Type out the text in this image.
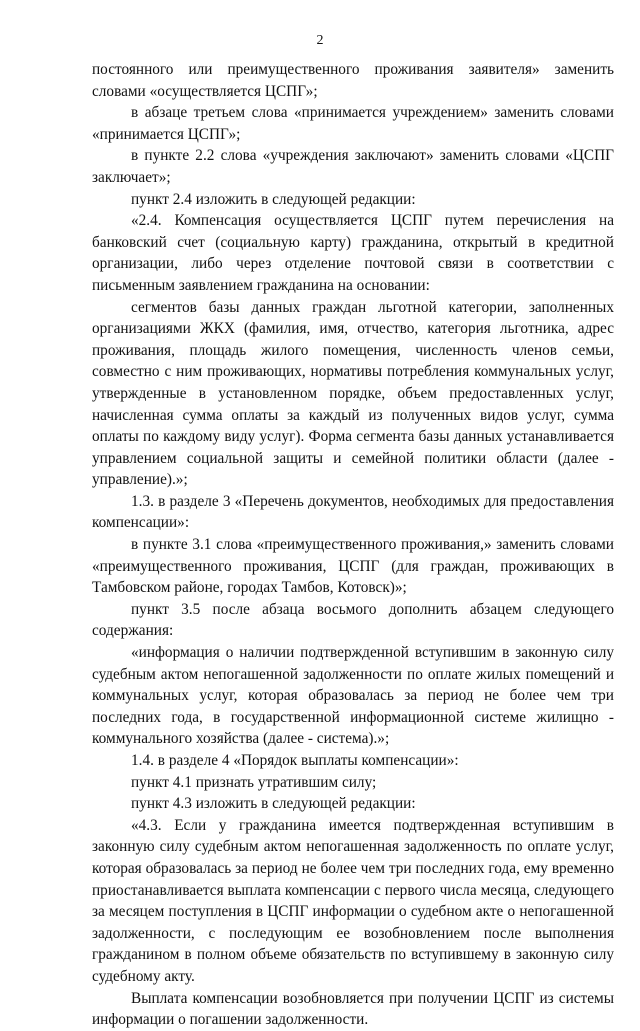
2

постоянного или преимущественного проживания заявителя» заменить словами «осуществляется ЦСПГ»;

в абзаце третьем слова «принимается учреждением» заменить словами «принимается ЦСПГ»;

в пункте 2.2 слова «учреждения заключают» заменить словами «ЦСПГ заключает»;

пункт 2.4 изложить в следующей редакции:

«2.4. Компенсация осуществляется ЦСПГ путем перечисления на банковский счет (социальную карту) гражданина, открытый в кредитной организации, либо через отделение почтовой связи в соответствии с письменным заявлением гражданина на основании:

сегментов базы данных граждан льготной категории, заполненных организациями ЖКХ (фамилия, имя, отчество, категория льготника, адрес проживания, площадь жилого помещения, численность членов семьи, совместно с ним проживающих, нормативы потребления коммунальных услуг, утвержденные в установленном порядке, объем предоставленных услуг, начисленная сумма оплаты за каждый из полученных видов услуг, сумма оплаты по каждому виду услуг). Форма сегмента базы данных устанавливается управлением социальной защиты и семейной политики области (далее - управление).»;

1.3. в разделе 3 «Перечень документов, необходимых для предоставления компенсации»:

в пункте 3.1 слова «преимущественного проживания,» заменить словами «преимущественного проживания, ЦСПГ (для граждан, проживающих в Тамбовском районе, городах Тамбов, Котовск)»;

пункт 3.5 после абзаца восьмого дополнить абзацем следующего содержания:

«информация о наличии подтвержденной вступившим в законную силу судебным актом непогашенной задолженности по оплате жилых помещений и коммунальных услуг, которая образовалась за период не более чем три последних года, в государственной информационной системе жилищно - коммунального хозяйства (далее - система).»;

1.4. в разделе 4 «Порядок выплаты компенсации»:

пункт 4.1 признать утратившим силу;

пункт 4.3 изложить в следующей редакции:

«4.3. Если у гражданина имеется подтвержденная вступившим в законную силу судебным актом непогашенная задолженность по оплате услуг, которая образовалась за период не более чем три последних года, ему временно приостанавливается выплата компенсации с первого числа месяца, следующего за месяцем поступления в ЦСПГ информации о судебном акте о непогашенной задолженности, с последующим ее возобновлением после выполнения гражданином в полном объеме обязательств по вступившему в законную силу судебному акту.

Выплата компенсации возобновляется при получении ЦСПГ из системы информации о погашении задолженности.
